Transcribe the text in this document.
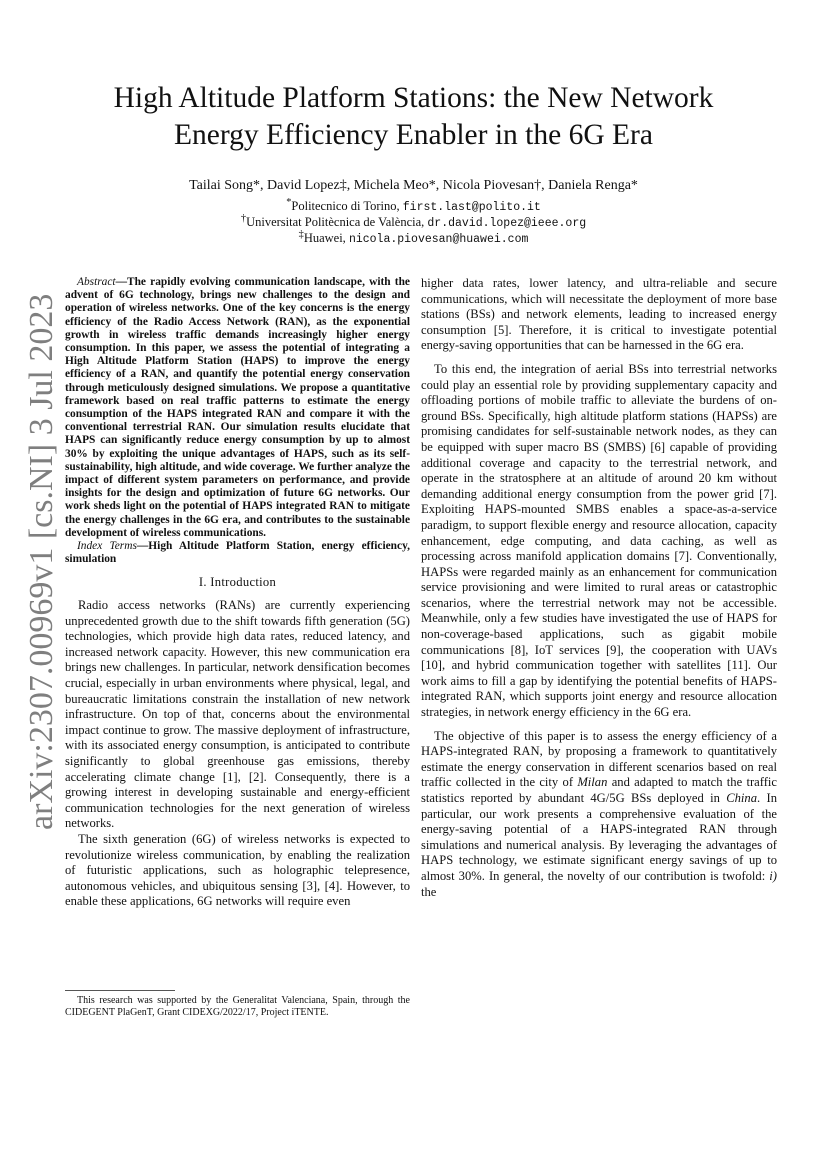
arXiv:2307.00969v1 [cs.NI] 3 Jul 2023
High Altitude Platform Stations: the New Network
Energy Efficiency Enabler in the 6G Era
Tailai Song*, David Lopez‡, Michela Meo*, Nicola Piovesan†, Daniela Renga*
*Politecnico di Torino, first.last@polito.it
†Universitat Politècnica de València, dr.david.lopez@ieee.org
‡Huawei, nicola.piovesan@huawei.com

Abstract—The rapidly evolving communication landscape, with the advent of 6G technology, brings new challenges to the design and operation of wireless networks. One of the key concerns is the energy efficiency of the Radio Access Network (RAN), as the exponential growth in wireless traffic demands increasingly higher energy consumption. In this paper, we assess the potential of integrating a High Altitude Platform Station (HAPS) to improve the energy efficiency of a RAN, and quantify the potential energy conservation through meticulously designed simulations. We propose a quantitative framework based on real traffic patterns to estimate the energy consumption of the HAPS integrated RAN and compare it with the conventional terrestrial RAN. Our simulation results elucidate that HAPS can significantly reduce energy consumption by up to almost 30% by exploiting the unique advantages of HAPS, such as its self-sustainability, high altitude, and wide coverage. We further analyze the impact of different system parameters on performance, and provide insights for the design and optimization of future 6G networks. Our work sheds light on the potential of HAPS integrated RAN to mitigate the energy challenges in the 6G era, and contributes to the sustainable development of wireless communications.

Index Terms—High Altitude Platform Station, energy efficiency, simulation

I. Introduction

Radio access networks (RANs) are currently experiencing unprecedented growth due to the shift towards fifth generation (5G) technologies, which provide high data rates, reduced latency, and increased network capacity. However, this new communication era brings new challenges. In particular, network densification becomes crucial, especially in urban environments where physical, legal, and bureaucratic limitations constrain the installation of new network infrastructure. On top of that, concerns about the environmental impact continue to grow. The massive deployment of infrastructure, with its associated energy consumption, is anticipated to contribute significantly to global greenhouse gas emissions, thereby accelerating climate change [1], [2]. Consequently, there is a growing interest in developing sustainable and energy-efficient communication technologies for the next generation of wireless networks.

The sixth generation (6G) of wireless networks is expected to revolutionize wireless communication, by enabling the realization of futuristic applications, such as holographic telepresence, autonomous vehicles, and ubiquitous sensing [3], [4]. However, to enable these applications, 6G networks will require even

This research was supported by the Generalitat Valenciana, Spain, through the CIDEGENT PlaGenT, Grant CIDEXG/2022/17, Project iTENTE.

higher data rates, lower latency, and ultra-reliable and secure communications, which will necessitate the deployment of more base stations (BSs) and network elements, leading to increased energy consumption [5]. Therefore, it is critical to investigate potential energy-saving opportunities that can be harnessed in the 6G era.

To this end, the integration of aerial BSs into terrestrial networks could play an essential role by providing supplementary capacity and offloading portions of mobile traffic to alleviate the burdens of on-ground BSs. Specifically, high altitude platform stations (HAPSs) are promising candidates for self-sustainable network nodes, as they can be equipped with super macro BS (SMBS) [6] capable of providing additional coverage and capacity to the terrestrial network, and operate in the stratosphere at an altitude of around 20 km without demanding additional energy consumption from the power grid [7]. Exploiting HAPS-mounted SMBS enables a space-as-a-service paradigm, to support flexible energy and resource allocation, capacity enhancement, edge computing, and data caching, as well as processing across manifold application domains [7]. Conventionally, HAPSs were regarded mainly as an enhancement for communication service provisioning and were limited to rural areas or catastrophic scenarios, where the terrestrial network may not be accessible. Meanwhile, only a few studies have investigated the use of HAPS for non-coverage-based applications, such as gigabit mobile communications [8], IoT services [9], the cooperation with UAVs [10], and hybrid communication together with satellites [11]. Our work aims to fill a gap by identifying the potential benefits of HAPS-integrated RAN, which supports joint energy and resource allocation strategies, in network energy efficiency in the 6G era.

The objective of this paper is to assess the energy efficiency of a HAPS-integrated RAN, by proposing a framework to quantitatively estimate the energy conservation in different scenarios based on real traffic collected in the city of Milan and adapted to match the traffic statistics reported by abundant 4G/5G BSs deployed in China. In particular, our work presents a comprehensive evaluation of the energy-saving potential of a HAPS-integrated RAN through simulations and numerical analysis. By leveraging the advantages of HAPS technology, we estimate significant energy savings of up to almost 30%. In general, the novelty of our contribution is twofold: i) the
